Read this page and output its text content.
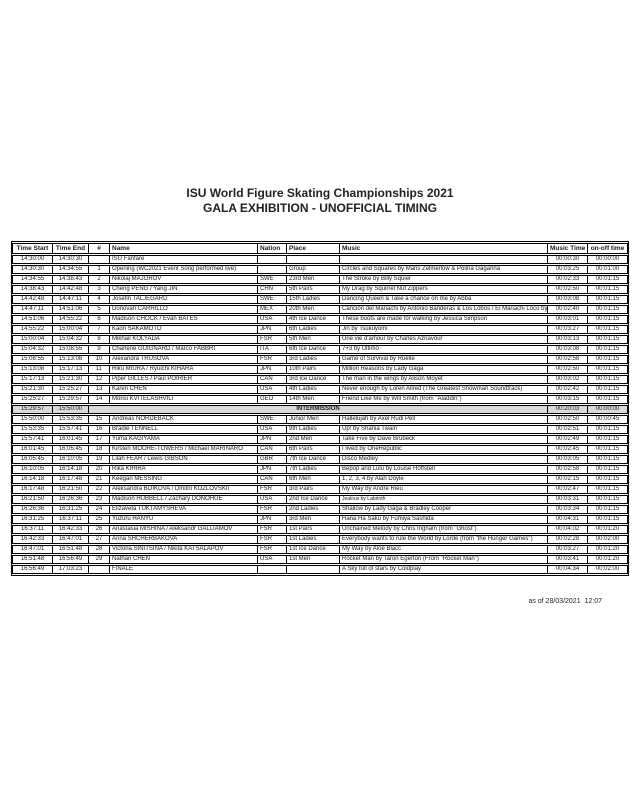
ISU World Figure Skating Championships 2021
GALA EXHIBITION - UNOFFICIAL TIMING
Time Start	Time End	#	Name	Nation	Place	Music	Music Time	on-off time
14:30:00	14:30:30		ISU Fanfare				00:00:30	00:00:00
14:30:30	14:34:55	1	Opening (WC2021 Event Song performed live)		Group	Circles and Squares by Mans Zelmerlow & Polina Gagarina	00:03:25	00:01:00
14:34:55	14:38:43	2	Nikolaj MAJOROV	SWE	23rd Men	The Stroke by Billy Squier	00:02:33	00:01:15
14:38:43	14:42:48	3	Cheng PENG / Yang JIN	CHN	5th Pairs	My Drag by Squirrel Nut Zippers	00:02:50	00:01:15
14:42:48	14:47:11	4	Josefin TALJEGARD	SWE	15th Ladies	Dancing Queen & Take a chance on me by Abba	00:03:08	00:01:15
14:47:11	14:51:06	5	Donovan CARRILLO	MEX	20th Men	Cancion del Mariachi by Antonio Banderas & Los Lobos / El Mariachi Loco by	00:02:40	00:01:15
14:51:06	14:55:22	6	Madison CHOCK / Evan BATES	USA	4th Ice Dance	These boots are made for walking by Jessica Simpson	00:03:01	00:01:15
14:55:22	15:00:04	7	Kaori SAKAMOTO	JPN	6th Ladies	Jin by Tsukuyomi	00:03:27	00:01:15
15:00:04	15:04:32	8	Mikhail KOLYADA	FSR	5th Men	Une vie d'amour by Charles Aznavour	00:03:13	00:01:15
15:04:32	15:08:55	9	Charlene GUIGNARD / Marco FABBRI	ITA	6th Ice Dance	7+3 by Ultimo	00:03:08	00:01:15
15:08:55	15:13:08	10	Alexandra TRUSOVA	FSR	3rd Ladies	Game of Survival by Ruelle	00:02:58	00:01:15
15:13:08	15:17:13	11	Riku MIURA / Ryuichi KIHARA	JPN	10th Pairs	Million Reasons by Lady Gaga	00:02:50	00:01:15
15:17:13	15:21:30	12	Piper GILLES / Paul POIRIER	CAN	3rd Ice Dance	The man in the wings by Alison Moyet	00:03:02	00:01:15
15:21:30	15:25:27	13	Karen CHEN	USA	4th Ladies	Never enough by Loren Allred (The Greatest Showman Soundtrack)	00:02:42	00:01:15
15:25:27	15:29:57	14	Morisi KVITELASHVILI	GEO	14th Men	Friend Like Me by Will Smith (from "Aladdin")	00:03:15	00:01:15
15:29:57	15:50:00	INTERMISSION					00:20:03	00:00:00
15:50:00	15:53:35	15	Andreas NORDEBACK	SWE	Junior Men	Hallelujah by Axel Rudi Pell	00:02:50	00:00:45
15:53:35	15:57:41	16	Bradie TENNELL	USA	9th Ladies	Up! by Shania Twain	00:02:51	00:01:15
15:57:41	16:01:45	17	Yuma KAGIYAMA	JPN	2nd Men	Take Five by Dave Brubeck	00:02:49	00:01:15
16:01:45	16:05:45	18	Kirsten MOORE-TOWERS / Michael MARINARO	CAN	6th Pairs	I lived by OneRepublic	00:02:45	00:01:15
16:05:45	16:10:05	19	Lilah FEAR / Lewis GIBSON	GBR	7th Ice Dance	Disco Medley	00:03:05	00:01:15
16:10:05	16:14:18	20	Rika KIHIRA	JPN	7th Ladies	Bepop and Lulu by Louise Hoffsten	00:02:58	00:01:15
16:14:18	16:17:48	21	Keegan MESSING	CAN	6th Men	1, 2, 3, 4 by Alan Doyle	00:02:15	00:01:15
16:17:48	16:21:50	22	Aleksandra BOIKOVA / Dmitrii KOZLOVSKII	FSR	3rd Pairs	My Way by André Rieu	00:02:47	00:01:15
16:21:50	16:26:36	23	Madison HUBBELL / Zachary DONOHUE	USA	2nd Ice Dance	Jealous by Labrinth	00:03:31	00:01:15
16:26:36	16:31:25	24	Elizaveta TUKTAMYSHEVA	FSR	2nd Ladies	Shallow by Lady Gaga & Bradley Cooper	00:03:34	00:01:15
16:31:25	16:37:11	25	Yuzuru HANYU	JPN	3rd Men	Hana Ha Saku by Fumiya Sashida	00:04:31	00:01:15
16:37:11	16:42:33	26	Anastasia MISHINA / Aleksandr GALLIAMOV	FSR	1st Pairs	Unchained Melody by Chris Ingham (from "Ghost")	00:04:02	00:01:20
16:42:33	16:47:01	27	Anna SHCHERBAKOVA	FSR	1st Ladies	Everybody wants to rule the World by Lorde (from "the Hunger Games")	00:02:28	00:02:00
16:47:01	16:51:48	28	Victoria SINITSINA / Nikita KATSALAPOV	FSR	1st Ice Dance	My Way by Aloe Blacc	00:03:27	00:01:20
16:51:48	16:56:49	29	Nathan CHEN	USA	1st Men	Rocket Man by Taron Egerton (From "Rocket Man")	00:03:41	00:01:20
16:56:49	17:03:23		FINALE			A Sky full of stars by Coldplay	00:04:34	00:02:00
as of 28/03/2021  12:07
